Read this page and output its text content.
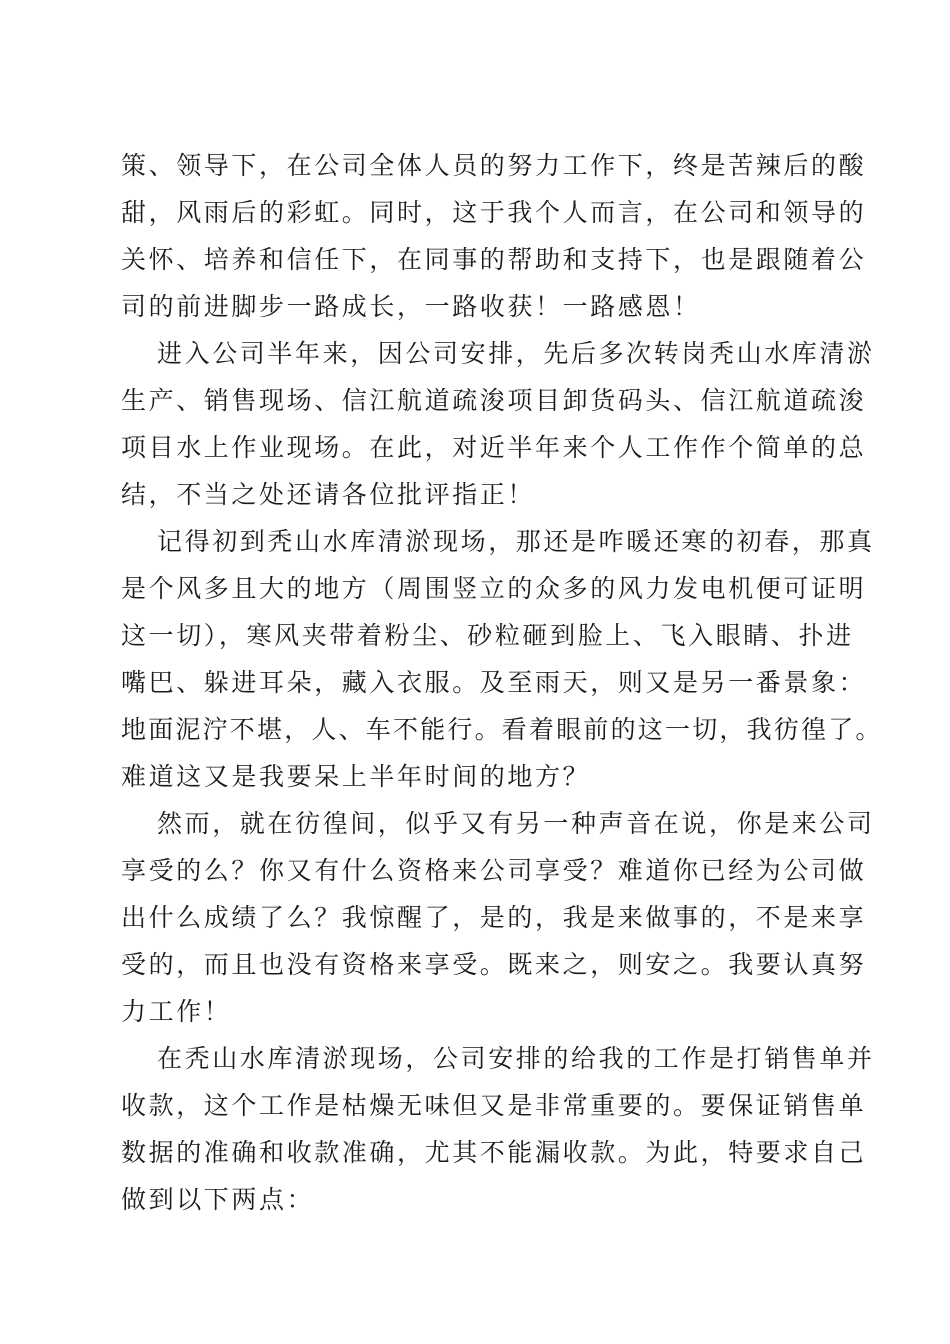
策、领导下，在公司全体人员的努力工作下，终是苦辣后的酸
甜，风雨后的彩虹。同时，这于我个人而言，在公司和领导的
关怀、培养和信任下，在同事的帮助和支持下，也是跟随着公
司的前进脚步一路成长，一路收获！一路感恩！
进入公司半年来，因公司安排，先后多次转岗秃山水库清淤
生产、销售现场、信江航道疏浚项目卸货码头、信江航道疏浚
项目水上作业现场。在此，对近半年来个人工作作个简单的总
结，不当之处还请各位批评指正！
记得初到秃山水库清淤现场，那还是咋暖还寒的初春，那真
是个风多且大的地方（周围竖立的众多的风力发电机便可证明
这一切），寒风夹带着粉尘、砂粒砸到脸上、飞入眼睛、扑进
嘴巴、躲进耳朵，藏入衣服。及至雨天，则又是另一番景象：
地面泥泞不堪，人、车不能行。看着眼前的这一切，我彷徨了。
难道这又是我要呆上半年时间的地方？
然而，就在彷徨间，似乎又有另一种声音在说，你是来公司
享受的么？你又有什么资格来公司享受？难道你已经为公司做
出什么成绩了么？我惊醒了，是的，我是来做事的，不是来享
受的，而且也没有资格来享受。既来之，则安之。我要认真努
力工作！
在秃山水库清淤现场，公司安排的给我的工作是打销售单并
收款，这个工作是枯燥无味但又是非常重要的。要保证销售单
数据的准确和收款准确，尤其不能漏收款。为此，特要求自己
做到以下两点：
